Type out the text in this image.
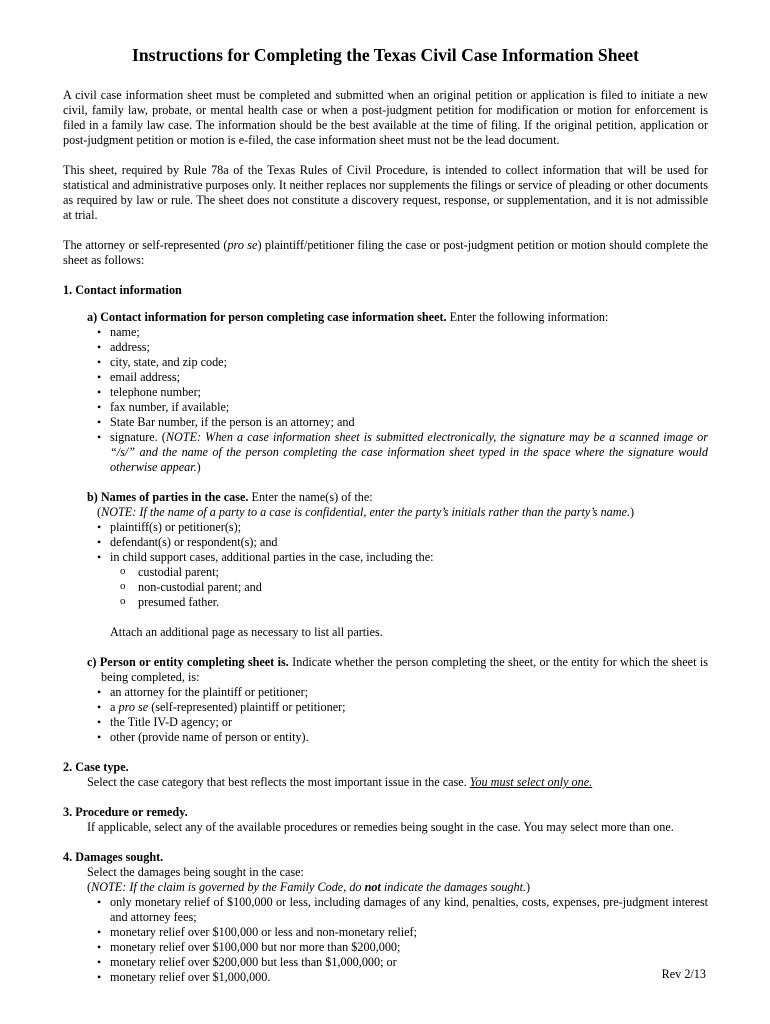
Instructions for Completing the Texas Civil Case Information Sheet

A civil case information sheet must be completed and submitted when an original petition or application is filed to initiate a new civil, family law, probate, or mental health case or when a post-judgment petition for modification or motion for enforcement is filed in a family law case. The information should be the best available at the time of filing. If the original petition, application or post-judgment petition or motion is e-filed, the case information sheet must not be the lead document.

This sheet, required by Rule 78a of the Texas Rules of Civil Procedure, is intended to collect information that will be used for statistical and administrative purposes only. It neither replaces nor supplements the filings or service of pleading or other documents as required by law or rule. The sheet does not constitute a discovery request, response, or supplementation, and it is not admissible at trial.

The attorney or self-represented (pro se) plaintiff/petitioner filing the case or post-judgment petition or motion should complete the sheet as follows:

1. Contact information

a) Contact information for person completing case information sheet. Enter the following information:

• name;
• address;
• city, state, and zip code;
• email address;
• telephone number;
• fax number, if available;
• State Bar number, if the person is an attorney; and
• signature. (NOTE: When a case information sheet is submitted electronically, the signature may be a scanned image or “/s/” and the name of the person completing the case information sheet typed in the space where the signature would otherwise appear.)

b) Names of parties in the case. Enter the name(s) of the:

(NOTE: If the name of a party to a case is confidential, enter the party’s initials rather than the party’s name.)

• plaintiff(s) or petitioner(s);
• defendant(s) or respondent(s); and
• in child support cases, additional parties in the case, including the:
o custodial parent;
o non-custodial parent; and
o presumed father.

Attach an additional page as necessary to list all parties.

c) Person or entity completing sheet is. Indicate whether the person completing the sheet, or the entity for which the sheet is being completed, is:

• an attorney for the plaintiff or petitioner;
• a pro se (self-represented) plaintiff or petitioner;
• the Title IV-D agency; or
• other (provide name of person or entity).

2. Case type.

Select the case category that best reflects the most important issue in the case. You must select only one.

3. Procedure or remedy.

If applicable, select any of the available procedures or remedies being sought in the case. You may select more than one.

4. Damages sought.

Select the damages being sought in the case:

(NOTE: If the claim is governed by the Family Code, do not indicate the damages sought.)

• only monetary relief of $100,000 or less, including damages of any kind, penalties, costs, expenses, pre-judgment interest and attorney fees;
• monetary relief over $100,000 or less and non-monetary relief;
• monetary relief over $100,000 but nor more than $200,000;
• monetary relief over $200,000 but less than $1,000,000; or
• monetary relief over $1,000,000.	Rev 2/13
